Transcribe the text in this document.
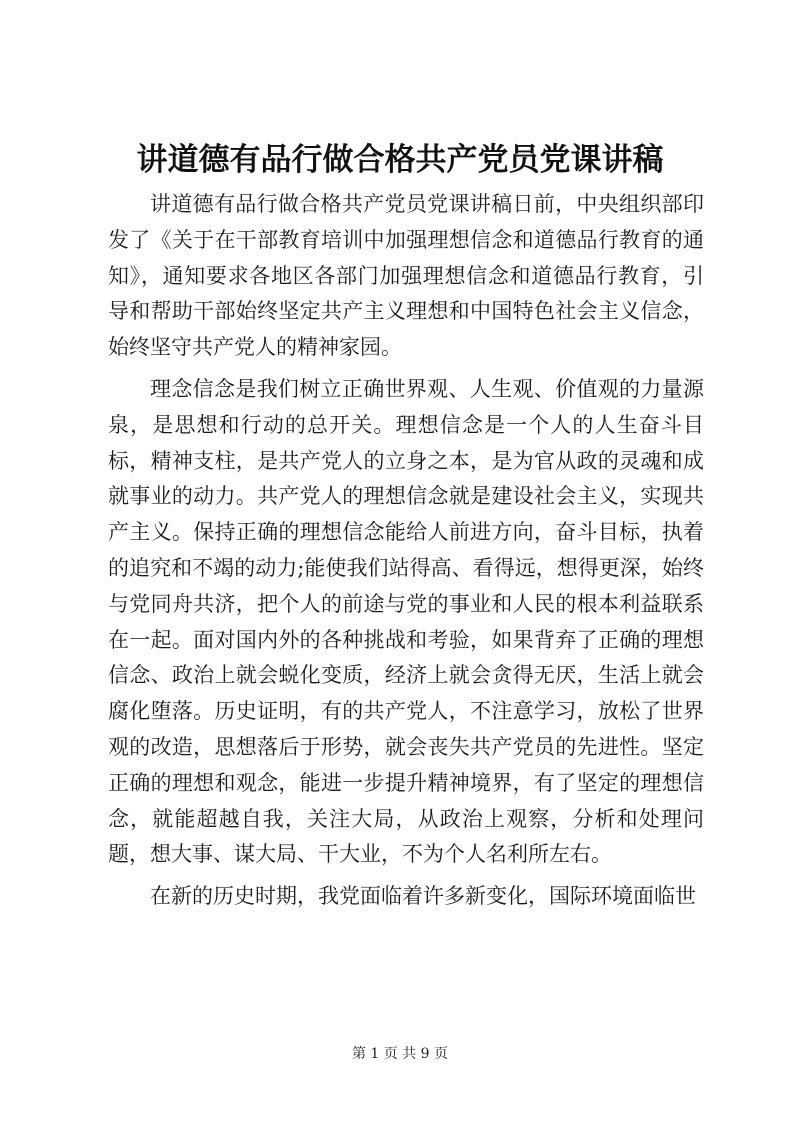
讲道德有品行做合格共产党员党课讲稿

讲道德有品行做合格共产党员党课讲稿日前，中央组织部印发了《关于在干部教育培训中加强理想信念和道德品行教育的通知》，通知要求各地区各部门加强理想信念和道德品行教育，引导和帮助干部始终坚定共产主义理想和中国特色社会主义信念，始终坚守共产党人的精神家园。

理念信念是我们树立正确世界观、人生观、价值观的力量源泉，是思想和行动的总开关。理想信念是一个人的人生奋斗目标，精神支柱，是共产党人的立身之本，是为官从政的灵魂和成就事业的动力。共产党人的理想信念就是建设社会主义，实现共产主义。保持正确的理想信念能给人前进方向，奋斗目标，执着的追究和不竭的动力;能使我们站得高、看得远，想得更深，始终与党同舟共济，把个人的前途与党的事业和人民的根本利益联系在一起。面对国内外的各种挑战和考验，如果背弃了正确的理想信念、政治上就会蜕化变质，经济上就会贪得无厌，生活上就会腐化堕落。历史证明，有的共产党人，不注意学习，放松了世界观的改造，思想落后于形势，就会丧失共产党员的先进性。坚定正确的理想和观念，能进一步提升精神境界，有了坚定的理想信念，就能超越自我，关注大局，从政治上观察，分析和处理问题，想大事、谋大局、干大业，不为个人名利所左右。

在新的历史时期，我党面临着许多新变化，国际环境面临世

第 1 页 共 9 页
